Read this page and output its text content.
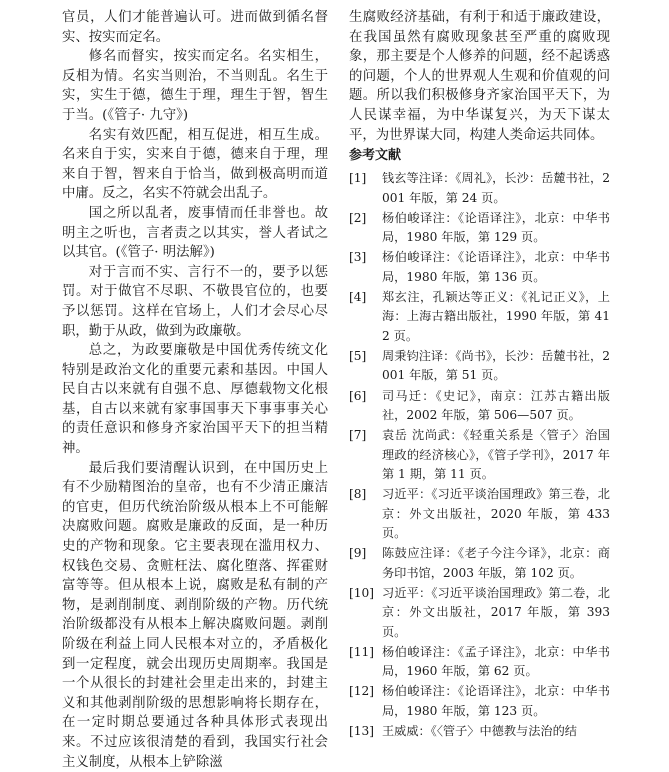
官员，人们才能普遍认可。进而做到循名督实、按实而定名。

修名而督实，按实而定名。名实相生，反相为情。名实当则治，不当则乱。名生于实，实生于德，德生于理，理生于智，智生于当。(《管子· 九守》)

名实有效匹配，相互促进，相互生成。名来自于实，实来自于德，德来自于理，理来自于智，智来自于恰当，做到极高明而道中庸。反之，名实不符就会出乱子。

国之所以乱者，废事情而任非誉也。故明主之听也，言者责之以其实，誉人者试之以其官。(《管子· 明法解》)

对于言而不实、言行不一的，要予以惩罚。对于做官不尽职、不敬畏官位的，也要予以惩罚。这样在官场上，人们才会尽心尽职，勤于从政，做到为政廉敬。

总之，为政要廉敬是中国优秀传统文化特别是政治文化的重要元素和基因。中国人民自古以来就有自强不息、厚德载物文化根基，自古以来就有家事国事天下事事事关心的责任意识和修身齐家治国平天下的担当精神。

最后我们要清醒认识到，在中国历史上有不少励精图治的皇帝，也有不少清正廉洁的官吏，但历代统治阶级从根本上不可能解决腐败问题。腐败是廉政的反面，是一种历史的产物和现象。它主要表现在滥用权力、权钱色交易、贪赃枉法、腐化堕落、挥霍财富等等。但从根本上说，腐败是私有制的产物，是剥削制度、剥削阶级的产物。历代统治阶级都没有从根本上解决腐败问题。剥削阶级在利益上同人民根本对立的，矛盾极化到一定程度，就会出现历史周期率。我国是一个从很长的封建社会里走出来的，封建主义和其他剥削阶级的思想影响将长期存在，在一定时期总要通过各种具体形式表现出来。不过应该很清楚的看到，我国实行社会主义制度，从根本上铲除滋

生腐败经济基础，有利于和适于廉政建设，在我国虽然有腐败现象甚至严重的腐败现象，那主要是个人修养的问题，经不起诱惑的问题，个人的世界观人生观和价值观的问题。所以我们积极修身齐家治国平天下，为人民谋幸福，为中华谋复兴，为天下谋太平，为世界谋大同，构建人类命运共同体。

参考文献
[1]	钱玄等注译：《周礼》，长沙：岳麓书社，2001 年版，第 24 页。
[2]	杨伯峻译注：《论语译注》，北京：中华书局，1980 年版，第 129 页。
[3]	杨伯峻译注：《论语译注》，北京：中华书局，1980 年版，第 136 页。
[4]	郑玄注，孔颖达等正义：《礼记正义》，上海：上海古籍出版社，1990 年版，第 412 页。
[5]	周秉钧注译：《尚书》，长沙：岳麓书社，2001 年版，第 51 页。
[6]	司马迁：《史记》，南京：江苏古籍出版社，2002 年版，第 506—507 页。
[7]	袁岳 沈尚武：《轻重关系是〈管子〉治国理政的经济核心》，《管子学刊》，2017 年第 1 期，第 11 页。
[8]	习近平：《习近平谈治国理政》第三卷，北京：外文出版社，2020 年版，第 433 页。
[9]	陈鼓应注译：《老子今注今译》，北京：商务印书馆，2003 年版，第 102 页。
[10] 习近平：《习近平谈治国理政》第二卷，北京：外文出版社，2017 年版，第 393 页。
[11] 杨伯峻译注：《孟子译注》，北京：中华书局，1960 年版，第 62 页。
[12] 杨伯峻译注：《论语译注》，北京：中华书局，1980 年版，第 123 页。
[13] 王威威：《〈管子〉中德教与法治的结
